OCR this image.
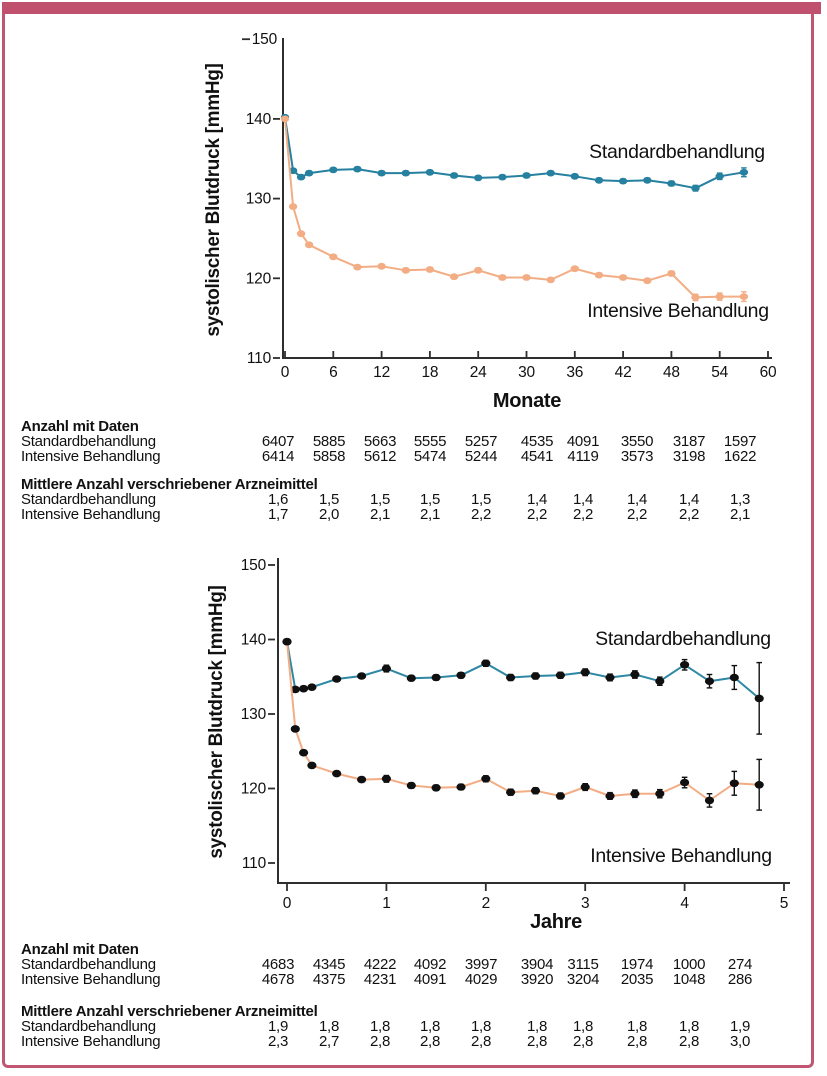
110
120
130
140
150
0	6 12 18 24 30 36 42 48 54 60
Standardbehandlung
Intensive Behandlung
Monate
systolischer Blutdruck [mmHg]
110
120
130
140
150
0	1	2	3	4	5
Standardbehandlung
Intensive Behandlung
Jahre
systolischer Blutdruck [mmHg]
Anzahl mit Daten
Standardbehandlung	6407	5885	5663	5555	5257	4535 4091	3550	3187	1597
Intensive Behandlung	6414	5858	5612	5474	5244	4541 4119	3573	3198	1622
Mittlere Anzahl verschriebener Arzneimittel
Standardbehandlung	1,6	1,5	1,5	1,5	1,5	1,4	1,4	1,4	1,4	1,3
Intensive Behandlung	1,7	2,0	2,1	2,1	2,2	2,2	2,2	2,2	2,2	2,1
Anzahl mit Daten
Standardbehandlung	4683	4345	4222	4092	3997	3904 3115	1974	1000	274
Intensive Behandlung	4678	4375	4231	4091	4029	3920 3204	2035	1048	286
Mittlere Anzahl verschriebener Arzneimittel
Standardbehandlung	1,9	1,8	1,8	1,8	1,8	1,8	1,8	1,8	1,8	1,9
Intensive Behandlung	2,3	2,7	2,8	2,8	2,8	2,8	2,8	2,8	2,8	3,0
